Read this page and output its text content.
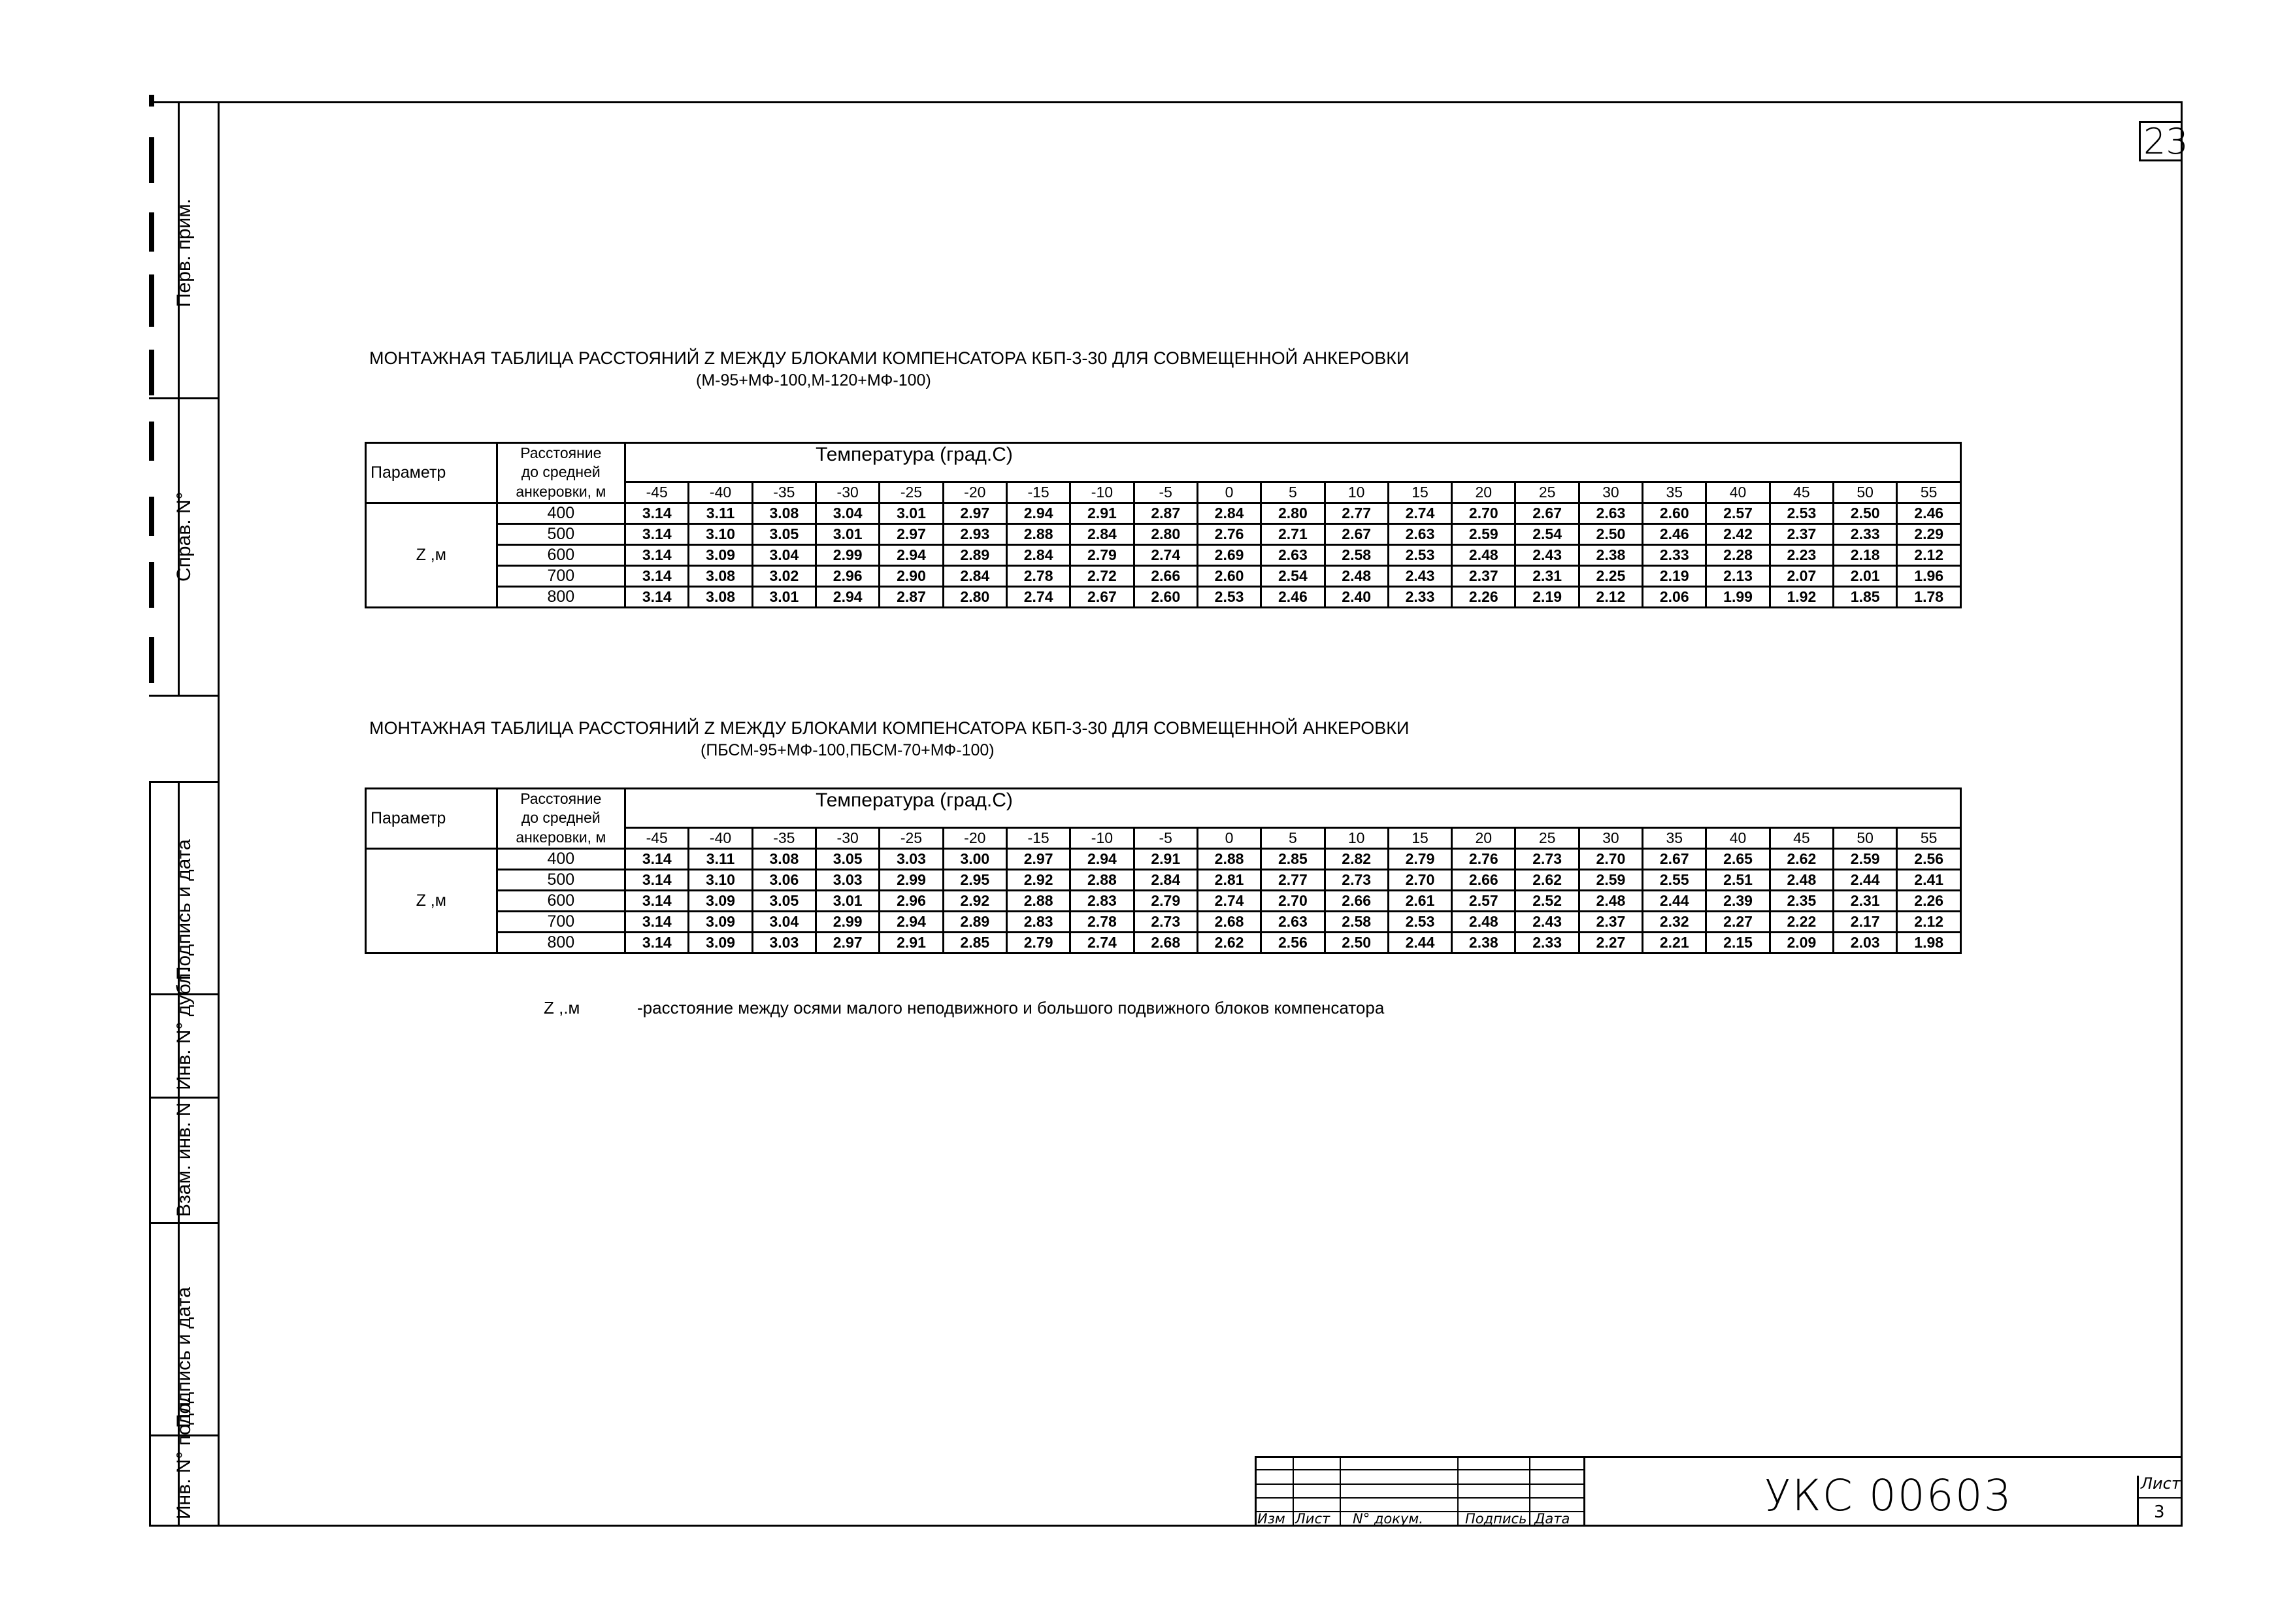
Перв. прим.
Справ. N°
Подпись и дата
Инв. N° дубл.
Взам. инв. N
Подпись и дата
Инв. N° подл.
23
МОНТАЖНАЯ ТАБЛИЦА РАССТОЯНИЙ Z МЕЖДУ БЛОКАМИ КОМПЕНСАТОРА КБП-3-30 ДЛЯ СОВМЕЩЕННОЙ АНКЕРОВКИ
(М-95+МФ-100,М-120+МФ-100)
Параметр	Расстояние	Температура (град.С)																				
	до средней																					
	анкеровки, м	-45	-40	-35	-30	-25	-20	-15	-10	-5	0	5	10	15	20	25	30	35	40	45	50	55
Z ,м	400	3.14	3.11	3.08	3.04	3.01	2.97	2.94	2.91	2.87	2.84	2.80	2.77	2.74	2.70	2.67	2.63	2.60	2.57	2.53	2.50	2.46
	500	3.14	3.10	3.05	3.01	2.97	2.93	2.88	2.84	2.80	2.76	2.71	2.67	2.63	2.59	2.54	2.50	2.46	2.42	2.37	2.33	2.29
	600	3.14	3.09	3.04	2.99	2.94	2.89	2.84	2.79	2.74	2.69	2.63	2.58	2.53	2.48	2.43	2.38	2.33	2.28	2.23	2.18	2.12
	700	3.14	3.08	3.02	2.96	2.90	2.84	2.78	2.72	2.66	2.60	2.54	2.48	2.43	2.37	2.31	2.25	2.19	2.13	2.07	2.01	1.96
	800	3.14	3.08	3.01	2.94	2.87	2.80	2.74	2.67	2.60	2.53	2.46	2.40	2.33	2.26	2.19	2.12	2.06	1.99	1.92	1.85	1.78
МОНТАЖНАЯ ТАБЛИЦА РАССТОЯНИЙ Z МЕЖДУ БЛОКАМИ КОМПЕНСАТОРА КБП-3-30 ДЛЯ СОВМЕЩЕННОЙ АНКЕРОВКИ
(ПБСМ-95+МФ-100,ПБСМ-70+МФ-100)
Параметр	Расстояние	Температура (град.С)																				
	до средней																					
	анкеровки, м	-45	-40	-35	-30	-25	-20	-15	-10	-5	0	5	10	15	20	25	30	35	40	45	50	55
Z ,м	400	3.14	3.11	3.08	3.05	3.03	3.00	2.97	2.94	2.91	2.88	2.85	2.82	2.79	2.76	2.73	2.70	2.67	2.65	2.62	2.59	2.56
	500	3.14	3.10	3.06	3.03	2.99	2.95	2.92	2.88	2.84	2.81	2.77	2.73	2.70	2.66	2.62	2.59	2.55	2.51	2.48	2.44	2.41
	600	3.14	3.09	3.05	3.01	2.96	2.92	2.88	2.83	2.79	2.74	2.70	2.66	2.61	2.57	2.52	2.48	2.44	2.39	2.35	2.31	2.26
	700	3.14	3.09	3.04	2.99	2.94	2.89	2.83	2.78	2.73	2.68	2.63	2.58	2.53	2.48	2.43	2.37	2.32	2.27	2.22	2.17	2.12
	800	3.14	3.09	3.03	2.97	2.91	2.85	2.79	2.74	2.68	2.62	2.56	2.50	2.44	2.38	2.33	2.27	2.21	2.15	2.09	2.03	1.98
Z ,.м	-расстояние между осями малого неподвижного и большого подвижного блоков компенсатора
Изм Лист N° докум.	Подпись Дата	УКС 00603	Лист
3
